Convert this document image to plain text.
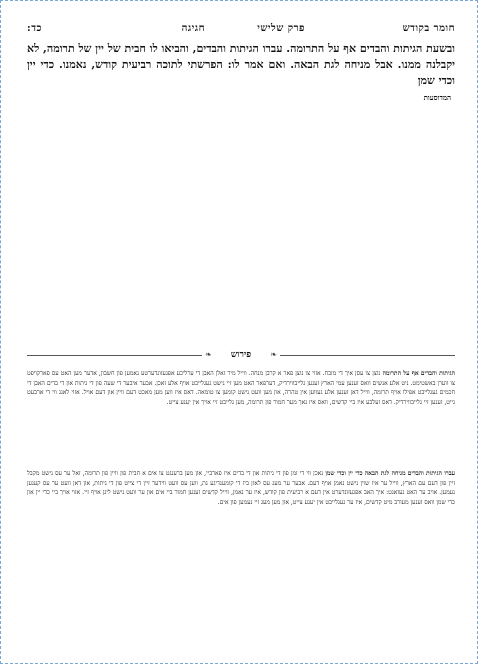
חומר בקודש
פרק שלישי
חגיגה
כד:
ובשעת הגיתות והבדים אף על התרומה. עברו הגיתות והבדים, והביאו לו חבית של יין של תרומה, לא יקבלנה ממנו. אבל מניחה לגת הבאה. ואם אמר לו: הפרשתי לתוכה רביעית קודש, נאמנו. כדי יין וכדי שמן
המדוסעות
❧
פירוש
❧
הגיתות והבדים אף על התרומה נוצן צו עסן איך די מזבח. אזוי צו נוצן פאר א קרבן מנחה. ווייל מיר זאלן האבן די ערליכע אפגעזונדערטע נאמען פון חשבון, אדער מען האט עס פארקויפט צו ווערן באשטימט. ניט אלע אנשים וואס זענען עמי הארץ זענען גלייבווירדיק, דערפאר האט מען זיי נישט געגלייבט אויף אלע זאכן. אבער איבער די שעה פון די גיתות און די בדים האבן די חכמים געגלייבט אפילו אויף תרומה, ווייל דאן זענען אלע געווען אין טהרה, און מען וועט נישט קומען צו טומאה. דאס איז ווען מען מאכט דעם וויין און דעם אויל. אזוי לאנג ווי די ארבעט גייט, זענען זיי גלייבווירדיק. דאס זעלבע איז ביי קדשים, וואס איז נאך מער חמור פון תרומה, מען גלייבט זיי אויך אין יענע צייט.
עברו הגיתות והבדים מניחה לגת הבאה כדי יין וכדי שמן נאכן ווי די זמן פון די גיתות און די בדים איז פארביי, און מען ברענגט צו אים א חבית פון וויין פון תרומה, זאל ער עס נישט מקבל זיין פון דעם עם הארץ, ווייל ער איז שוין נישט נאמן אויף דעם. אבער ער מעג עס לאזן ביז די קומענדיגע גת, ווען עס וועט ווידער זיין די צייט פון די גיתות, און דאן וועט ער עס קענען נעמען. אויב ער האט געזאגט: איך האב אפגעזונדערט אין דעם א רביעית פון קודש, איז ער נאמן, ווייל קדשים זענען חמור ביי אים און ער וועט נישט ליגן אויף זיי. אזוי אויך ביי כדי יין און כדי שמן וואס זענען מעורב מיט קדשים, איז ער געגלייבט אין יענע צייט, און מען מעג זיי נעמען פון אים.
